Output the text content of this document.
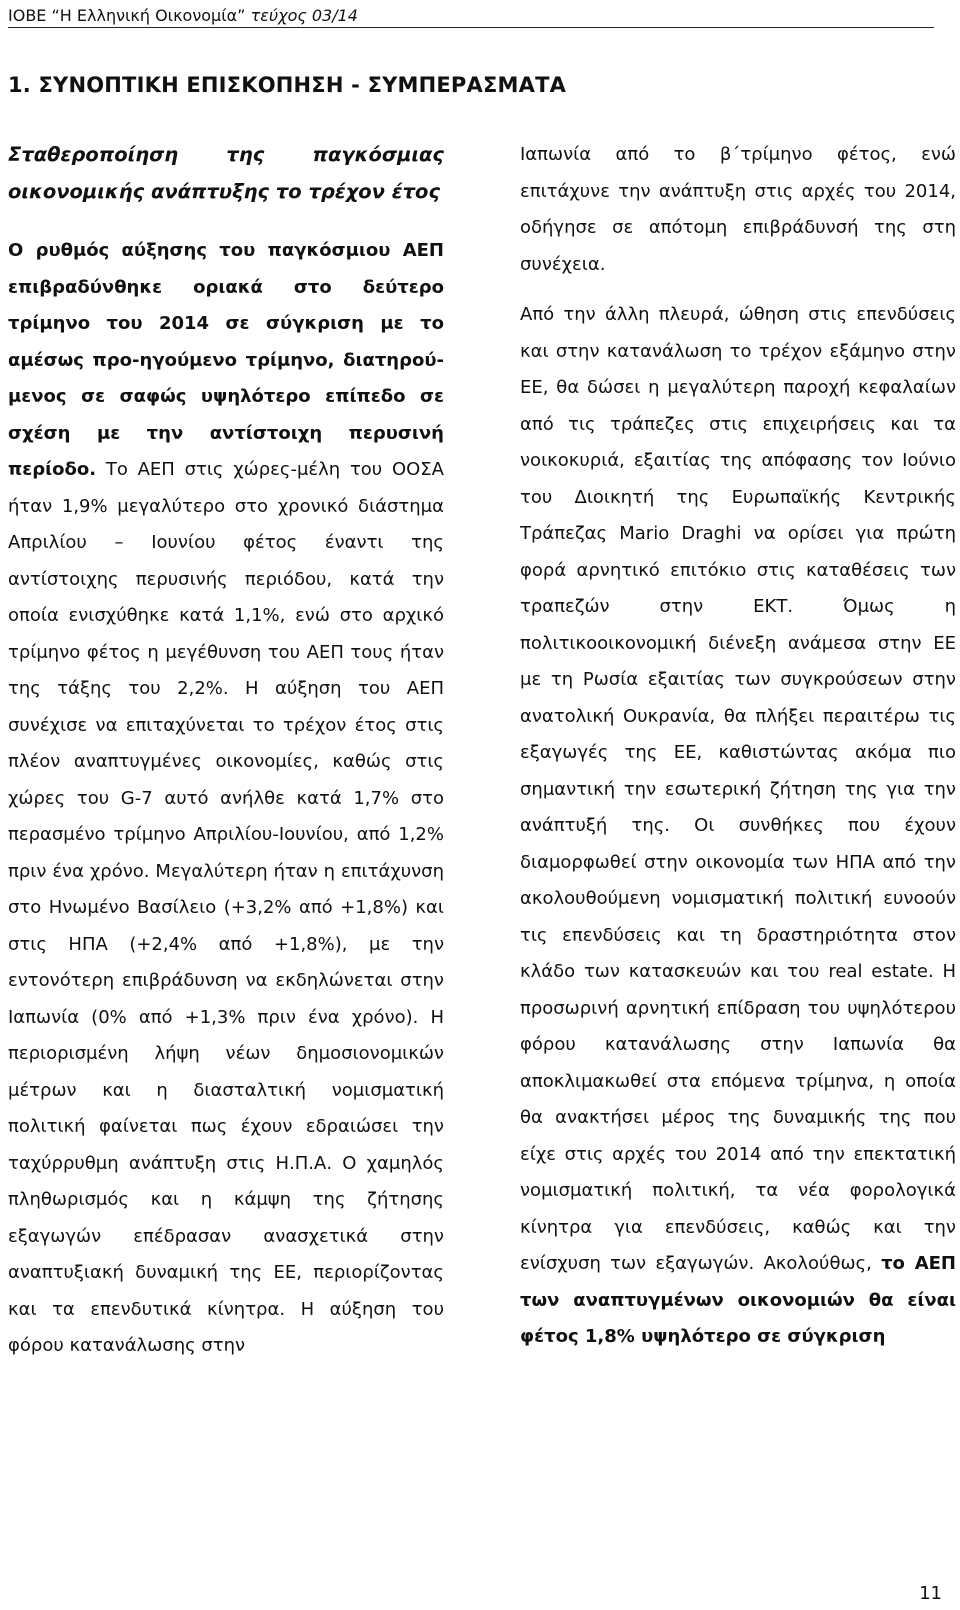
ΙΟΒΕ “Η Ελληνική Οικονομία” τεύχος 03/14
1. ΣΥΝΟΠΤΙΚΗ ΕΠΙΣΚΟΠΗΣΗ - ΣΥΜΠΕΡΑΣΜΑΤΑ

Σταθεροποίηση της παγκόσμιας οικονομικής ανάπτυξης το τρέχον έτος

Ο ρυθμός αύξησης του παγκόσμιου ΑΕΠ επιβραδύνθηκε οριακά στο δεύτερο τρίμηνο του 2014 σε σύγκριση με το αμέσως προ-ηγούμενο τρίμηνο, διατηρού-μενος σε σαφώς υψηλότερο επίπεδο σε σχέση με την αντίστοιχη περυσινή περίοδο. Το ΑΕΠ στις χώρες-μέλη του ΟΟΣΑ ήταν 1,9% μεγαλύτερο στο χρονικό διάστημα Απριλίου – Ιουνίου φέτος έναντι της αντίστοιχης περυσινής περιόδου, κατά την οποία ενισχύθηκε κατά 1,1%, ενώ στο αρχικό τρίμηνο φέτος η μεγέθυνση του ΑΕΠ τους ήταν της τάξης του 2,2%. Η αύξηση του ΑΕΠ συνέχισε να επιταχύνεται το τρέχον έτος στις πλέον αναπτυγμένες οικονομίες, καθώς στις χώρες του G-7 αυτό ανήλθε κατά 1,7% στο περασμένο τρίμηνο Απριλίου-Ιουνίου, από 1,2% πριν ένα χρόνο. Μεγαλύτερη ήταν η επιτάχυνση στο Ηνωμένο Βασίλειο (+3,2% από +1,8%) και στις ΗΠΑ (+2,4% από +1,8%), με την εντονότερη επιβράδυνση να εκδηλώνεται στην Ιαπωνία (0% από +1,3% πριν ένα χρόνο). Η περιορισμένη λήψη νέων δημοσιονομικών μέτρων και η διασταλτική νομισματική πολιτική φαίνεται πως έχουν εδραιώσει την ταχύρρυθμη ανάπτυξη στις Η.Π.Α. Ο χαμηλός πληθωρισμός και η κάμψη της ζήτησης εξαγωγών επέδρασαν ανασχετικά στην αναπτυξιακή δυναμική της ΕΕ, περιορίζοντας και τα επενδυτικά κίνητρα. Η αύξηση του φόρου κατανάλωσης στην

Ιαπωνία από το β΄τρίμηνο φέτος, ενώ επιτάχυνε την ανάπτυξη στις αρχές του 2014, οδήγησε σε απότομη επιβράδυνσή της στη συνέχεια.

Από την άλλη πλευρά, ώθηση στις επενδύσεις και στην κατανάλωση το τρέχον εξάμηνο στην ΕΕ, θα δώσει η μεγαλύτερη παροχή κεφαλαίων από τις τράπεζες στις επιχειρήσεις και τα νοικοκυριά, εξαιτίας της απόφασης τον Ιούνιο του Διοικητή της Ευρωπαϊκής Κεντρικής Τράπεζας Mario Draghi να ορίσει για πρώτη φορά αρνητικό επιτόκιο στις καταθέσεις των τραπεζών στην ΕΚΤ. Όμως η πολιτικοοικονομική διένεξη ανάμεσα στην ΕΕ με τη Ρωσία εξαιτίας των συγκρούσεων στην ανατολική Ουκρανία, θα πλήξει περαιτέρω τις εξαγωγές της ΕΕ, καθιστώντας ακόμα πιο σημαντική την εσωτερική ζήτηση της για την ανάπτυξή της. Οι συνθήκες που έχουν διαμορφωθεί στην οικονομία των ΗΠΑ από την ακολουθούμενη νομισματική πολιτική ευνοούν τις επενδύσεις και τη δραστηριότητα στον κλάδο των κατασκευών και του real estate. Η προσωρινή αρνητική επίδραση του υψηλότερου φόρου κατανάλωσης στην Ιαπωνία θα αποκλιμακωθεί στα επόμενα τρίμηνα, η οποία θα ανακτήσει μέρος της δυναμικής της που είχε στις αρχές του 2014 από την επεκτατική νομισματική πολιτική, τα νέα φορολογικά κίνητρα για επενδύσεις, καθώς και την ενίσχυση των εξαγωγών. Ακολούθως, το ΑΕΠ των αναπτυγμένων οικονομιών θα είναι φέτος 1,8% υψηλότερο σε σύγκριση

11
